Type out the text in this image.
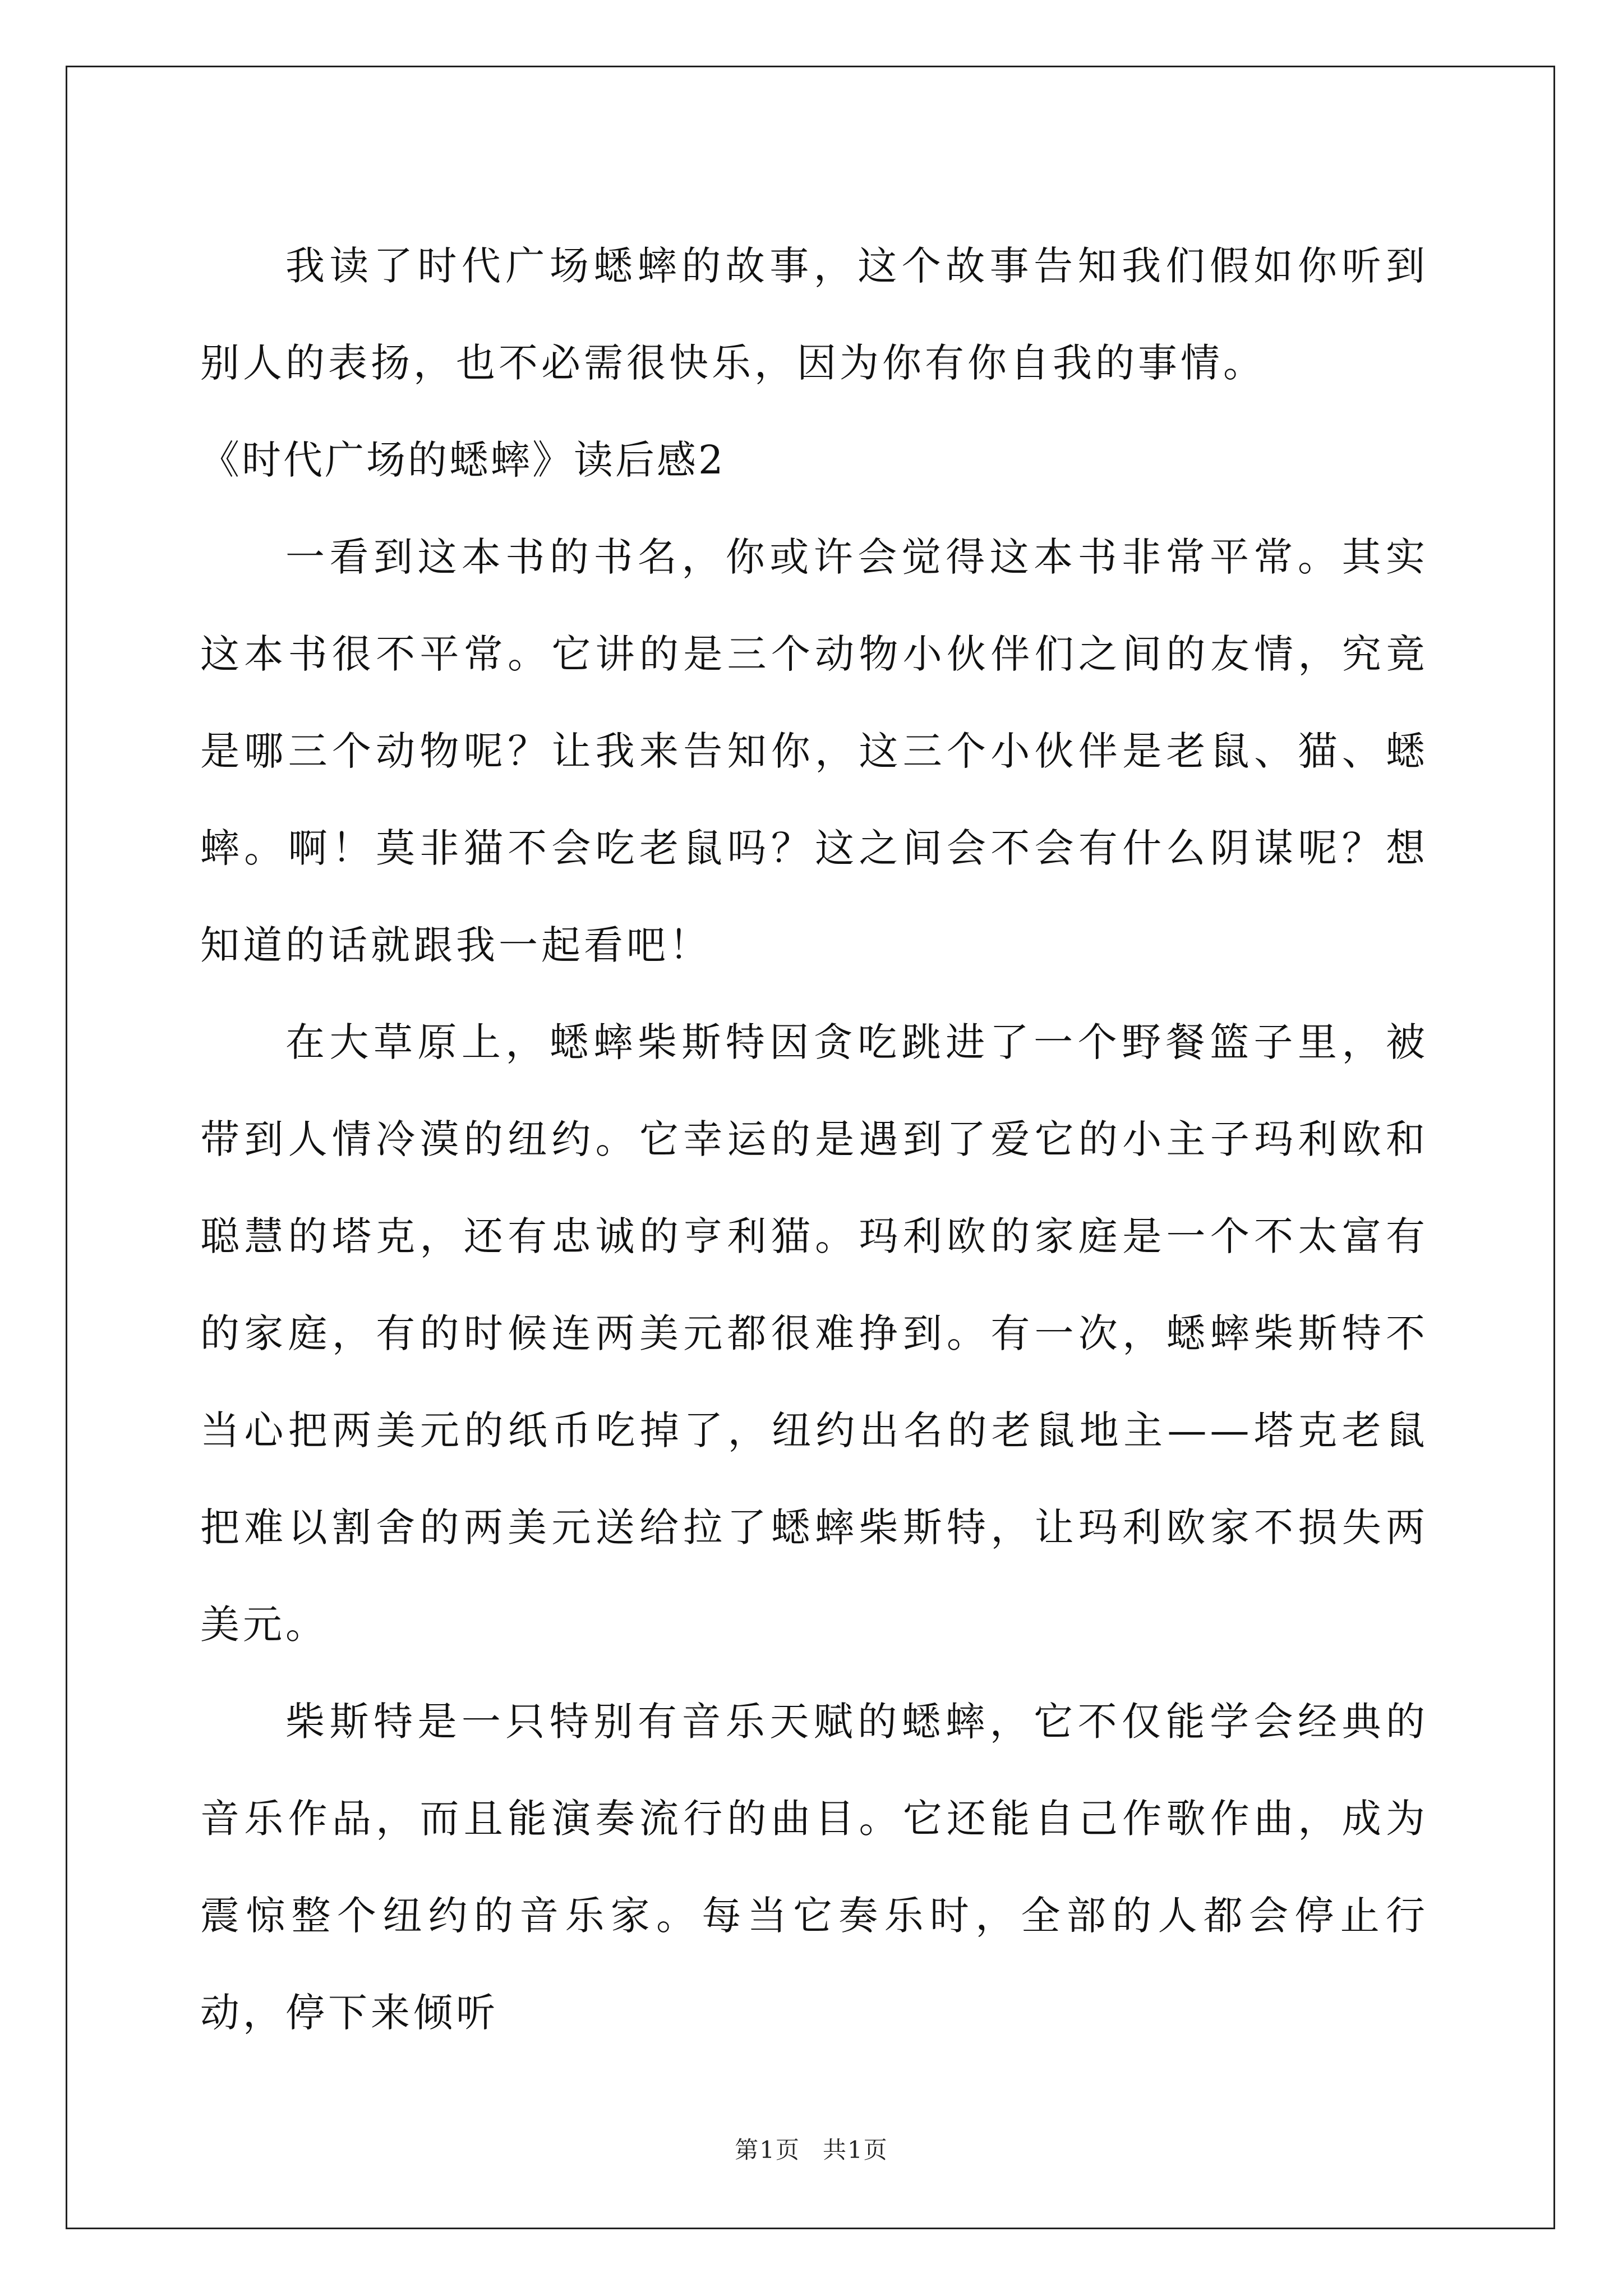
我读了时代广场蟋蟀的故事，这个故事告知我们假如你听到别人的表扬，也不必需很快乐，因为你有你自我的事情。

《时代广场的蟋蟀》读后感2

一看到这本书的书名，你或许会觉得这本书非常平常。其实这本书很不平常。它讲的是三个动物小伙伴们之间的友情，究竟是哪三个动物呢？让我来告知你，这三个小伙伴是老鼠、猫、蟋蟀。啊！莫非猫不会吃老鼠吗？这之间会不会有什么阴谋呢？想知道的话就跟我一起看吧！

在大草原上，蟋蟀柴斯特因贪吃跳进了一个野餐篮子里，被带到人情冷漠的纽约。它幸运的是遇到了爱它的小主子玛利欧和聪慧的塔克，还有忠诚的亨利猫。玛利欧的家庭是一个不太富有的家庭，有的时候连两美元都很难挣到。有一次，蟋蟀柴斯特不当心把两美元的纸币吃掉了，纽约出名的老鼠地主——塔克老鼠把难以割舍的两美元送给拉了蟋蟀柴斯特，让玛利欧家不损失两美元。

柴斯特是一只特别有音乐天赋的蟋蟀，它不仅能学会经典的音乐作品，而且能演奏流行的曲目。它还能自己作歌作曲，成为震惊整个纽约的音乐家。每当它奏乐时，全部的人都会停止行动，停下来倾听

第1页 共1页
